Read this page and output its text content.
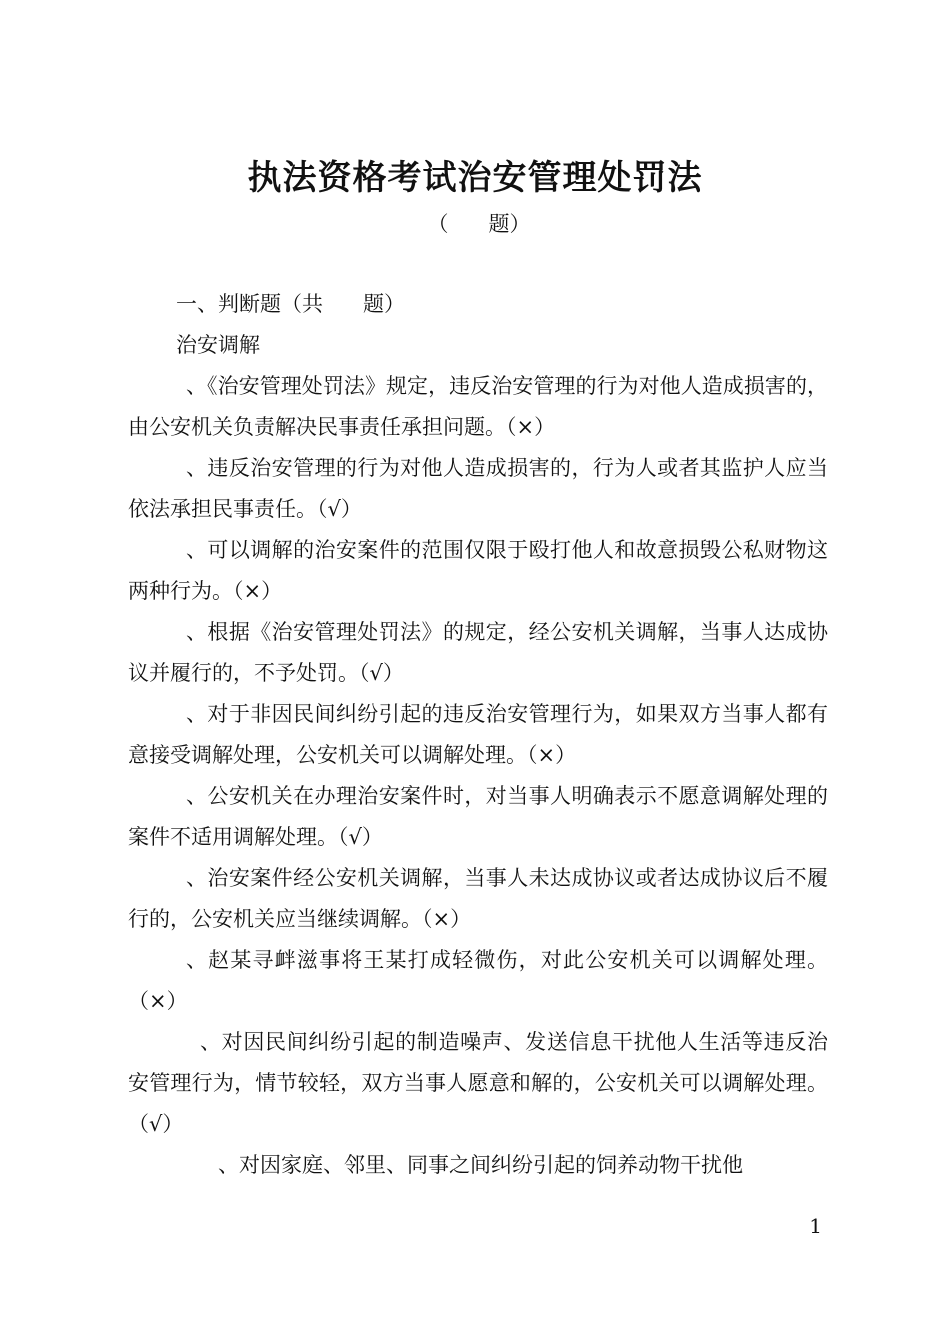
执法资格考试治安管理处罚法
（      题）
一、判断题（共      题）
治安调解

、《治安管理处罚法》规定，违反治安管理的行为对他人造成损害的，由公安机关负责解决民事责任承担问题。（×）

、违反治安管理的行为对他人造成损害的，行为人或者其监护人应当依法承担民事责任。（√）

、可以调解的治安案件的范围仅限于殴打他人和故意损毁公私财物这两种行为。（×）

、根据《治安管理处罚法》的规定，经公安机关调解，当事人达成协议并履行的，不予处罚。（√）

、对于非因民间纠纷引起的违反治安管理行为，如果双方当事人都有意接受调解处理，公安机关可以调解处理。（×）

、公安机关在办理治安案件时，对当事人明确表示不愿意调解处理的案件不适用调解处理。（√）

、治安案件经公安机关调解，当事人未达成协议或者达成协议后不履行的，公安机关应当继续调解。（×）

、赵某寻衅滋事将王某打成轻微伤，对此公安机关可以调解处理。（×）

、对因民间纠纷引起的制造噪声、发送信息干扰他人生活等违反治安管理行为，情节较轻，双方当事人愿意和解的，公安机关可以调解处理。（√）

、对因家庭、邻里、同事之间纠纷引起的饲养动物干扰他

1
